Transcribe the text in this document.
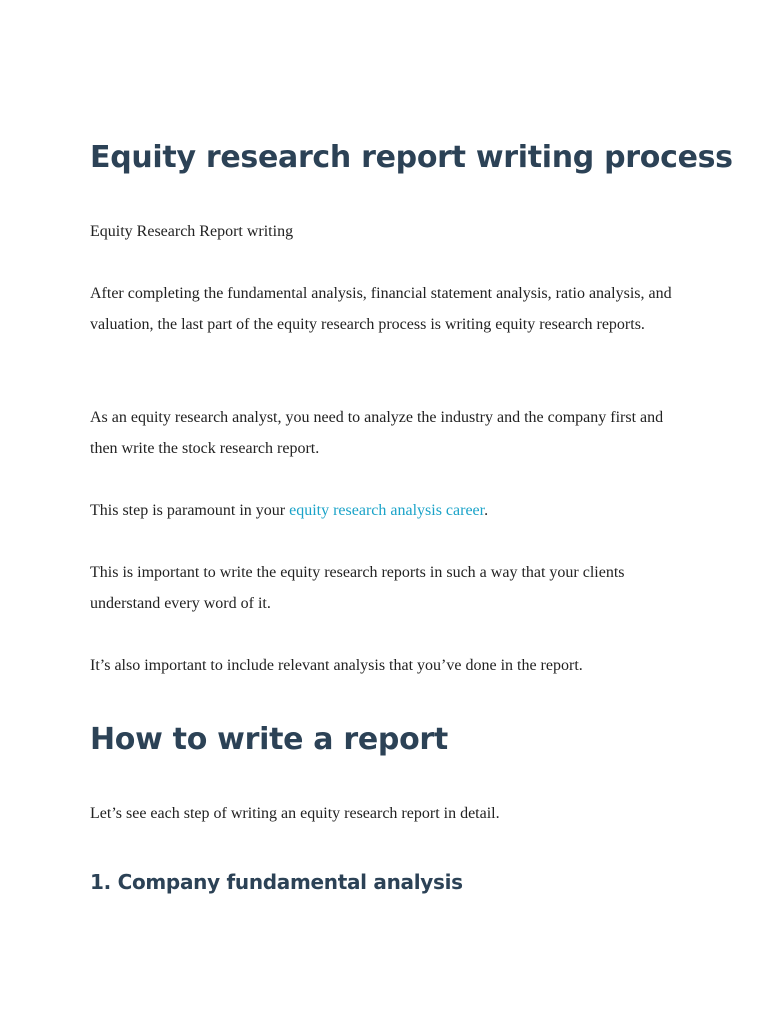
Equity research report writing process

Equity Research Report writing

After completing the fundamental analysis, financial statement analysis, ratio analysis, and valuation, the last part of the equity research process is writing equity research reports.

As an equity research analyst, you need to analyze the industry and the company first and then write the stock research report.

This step is paramount in your equity research analysis career.

This is important to write the equity research reports in such a way that your clients understand every word of it.

It’s also important to include relevant analysis that you’ve done in the report.

How to write a report

Let’s see each step of writing an equity research report in detail.

1. Company fundamental analysis
